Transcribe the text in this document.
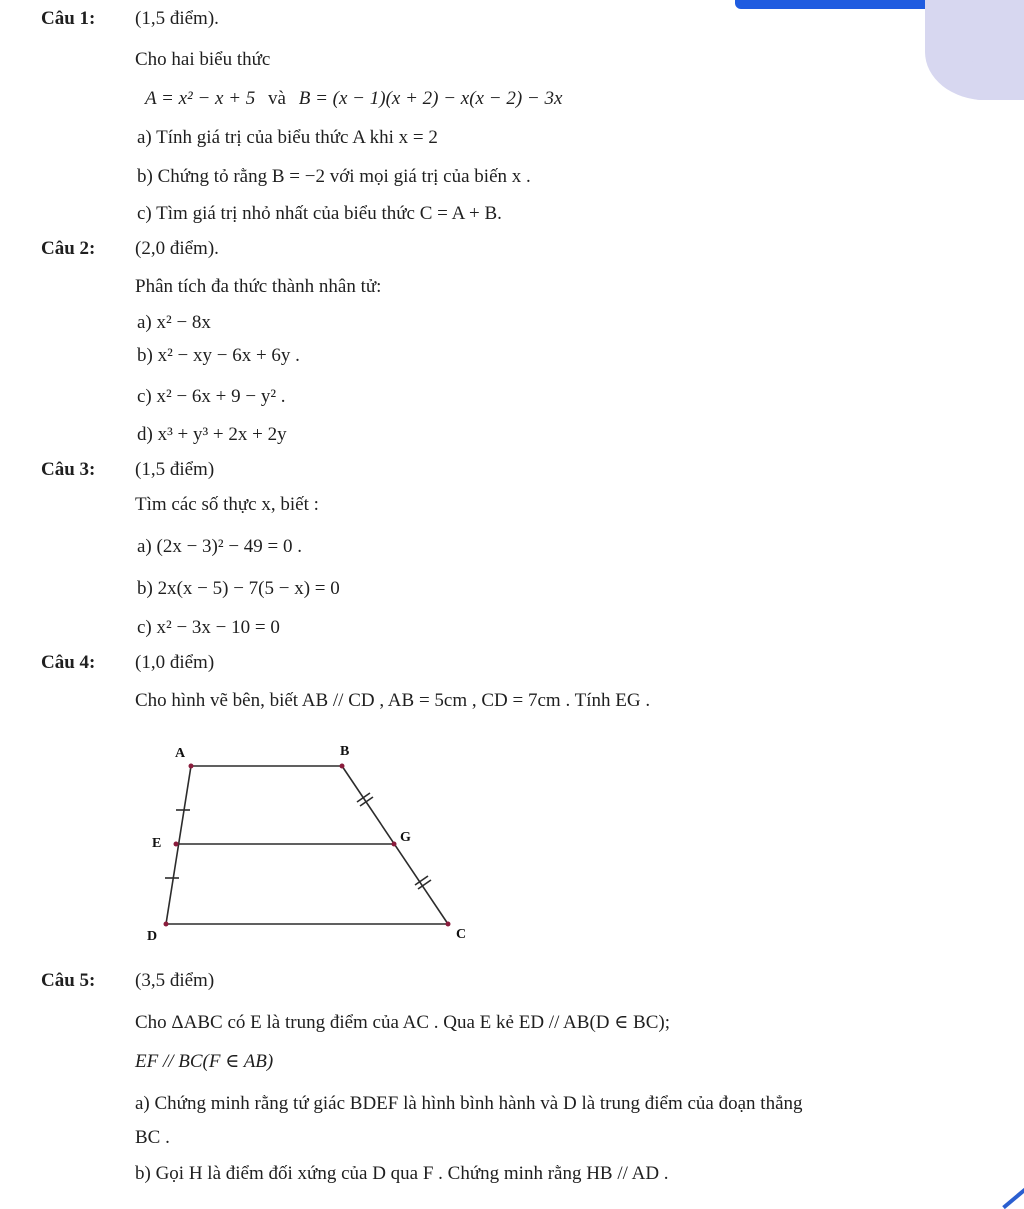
Câu 1: (1,5 điểm).
Cho hai biểu thức
A = x² − x + 5 và B = (x − 1)(x + 2) − x(x − 2) − 3x
a) Tính giá trị của biểu thức A khi x = 2
b) Chứng tỏ rằng B = −2 với mọi giá trị của biến x .
c) Tìm giá trị nhỏ nhất của biểu thức C = A + B.
Câu 2: (2,0 điểm).
Phân tích đa thức thành nhân tử:
a) x² − 8x
b) x² − xy − 6x + 6y .
c) x² − 6x + 9 − y² .
d) x³ + y³ + 2x + 2y
Câu 3: (1,5 điểm)
Tìm các số thực x, biết :
a) (2x − 3)² − 49 = 0 .
b) 2x(x − 5) − 7(5 − x) = 0
c) x² − 3x − 10 = 0
Câu 4: (1,0 điểm)
Cho hình vẽ bên, biết AB // CD , AB = 5cm , CD = 7cm . Tính EG .
A	B
E	G
D	C
Câu 5: (3,5 điểm)
Cho ΔABC có E là trung điểm của AC . Qua E kẻ ED // AB(D ∈ BC);
EF // BC(F ∈ AB)
a) Chứng minh rằng tứ giác BDEF là hình bình hành và D là trung điểm của đoạn thẳng
BC .
b) Gọi H là điểm đối xứng của D qua F . Chứng minh rằng HB // AD .
